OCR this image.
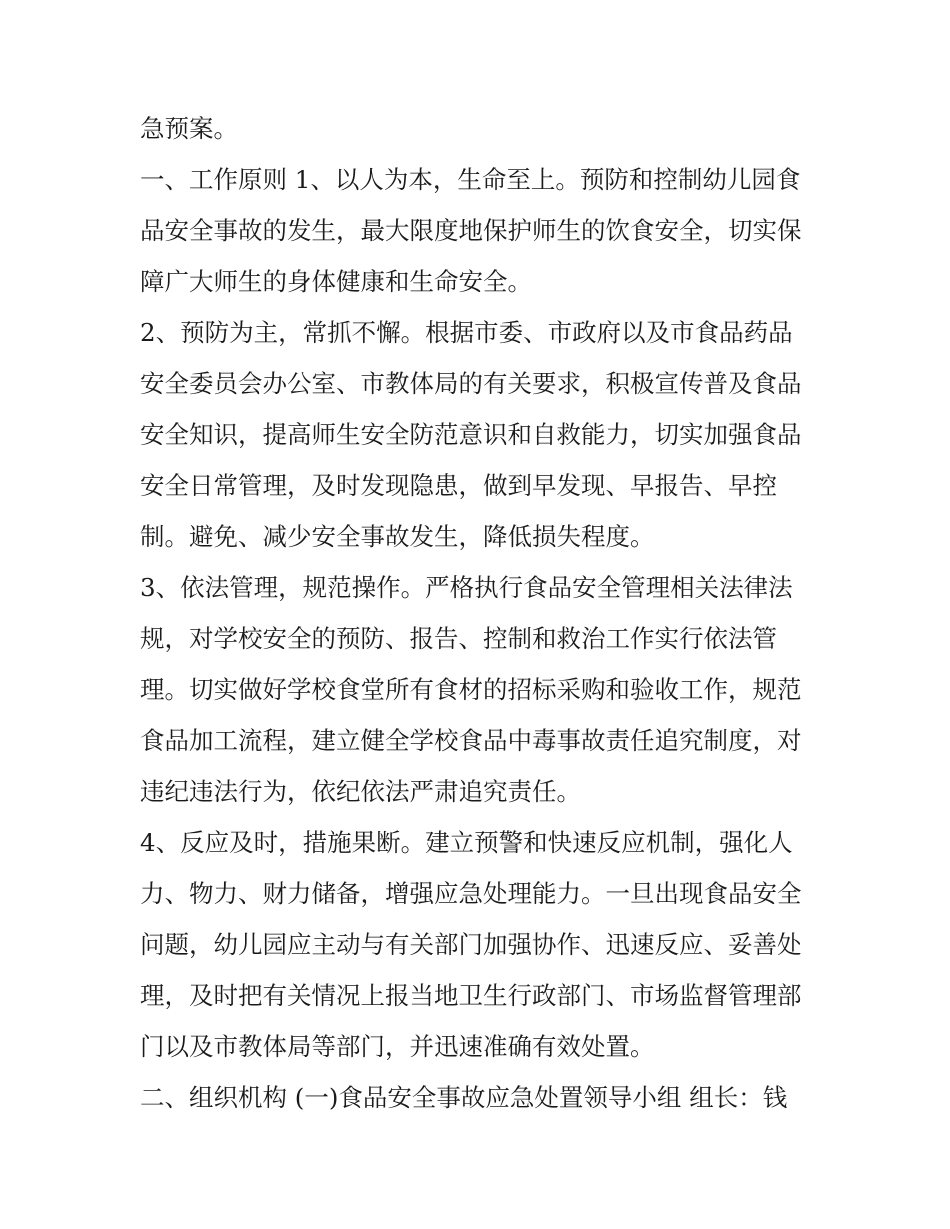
急预案。
一、工作原则 1、以人为本，生命至上。预防和控制幼儿园食
品安全事故的发生，最大限度地保护师生的饮食安全，切实保
障广大师生的身体健康和生命安全。
2、预防为主，常抓不懈。根据市委、市政府以及市食品药品
安全委员会办公室、市教体局的有关要求，积极宣传普及食品
安全知识，提高师生安全防范意识和自救能力，切实加强食品
安全日常管理，及时发现隐患，做到早发现、早报告、早控
制。避免、减少安全事故发生，降低损失程度。
3、依法管理，规范操作。严格执行食品安全管理相关法律法
规，对学校安全的预防、报告、控制和救治工作实行依法管
理。切实做好学校食堂所有食材的招标采购和验收工作，规范
食品加工流程，建立健全学校食品中毒事故责任追究制度，对
违纪违法行为，依纪依法严肃追究责任。
4、反应及时，措施果断。建立预警和快速反应机制，强化人
力、物力、财力储备，增强应急处理能力。一旦出现食品安全
问题，幼儿园应主动与有关部门加强协作、迅速反应、妥善处
理，及时把有关情况上报当地卫生行政部门、市场监督管理部
门以及市教体局等部门，并迅速准确有效处置。
二、组织机构 (一)食品安全事故应急处置领导小组 组长：钱
